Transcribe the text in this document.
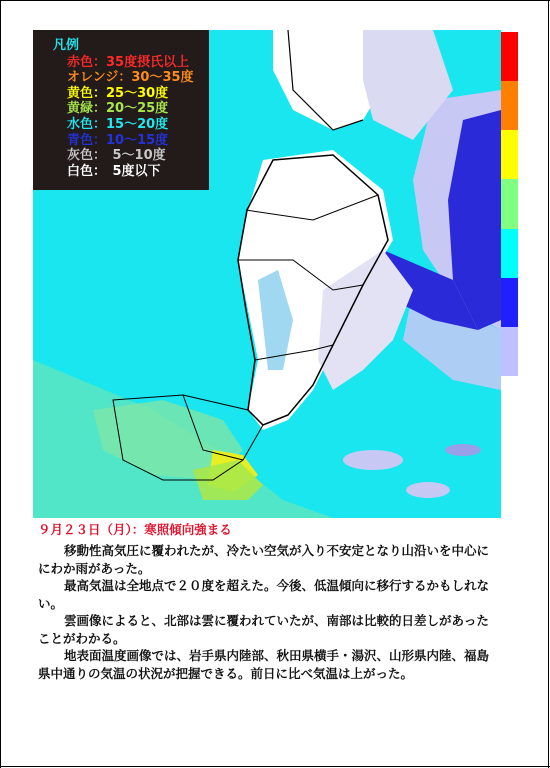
凡例
赤色：35度摂氏以上
オレンジ：30～35度
黄色：25～30度
黄緑：20～25度
水色：15～20度
青色：10～15度
灰色：　5～10度
白色：　5度以下
９月２３日（月）：寒照傾向強まる

移動性高気圧に覆われたが、冷たい空気が入り不安定となり山沿いを中心ににわか雨があった。

最高気温は全地点で２０度を超えた。今後、低温傾向に移行するかもしれない。

雲画像によると、北部は雲に覆われていたが、南部は比較的日差しがあったことがわかる。

地表面温度画像では、岩手県内陸部、秋田県横手・湯沢、山形県内陸、福島県中通りの気温の状況が把握できる。前日に比べ気温は上がった。
